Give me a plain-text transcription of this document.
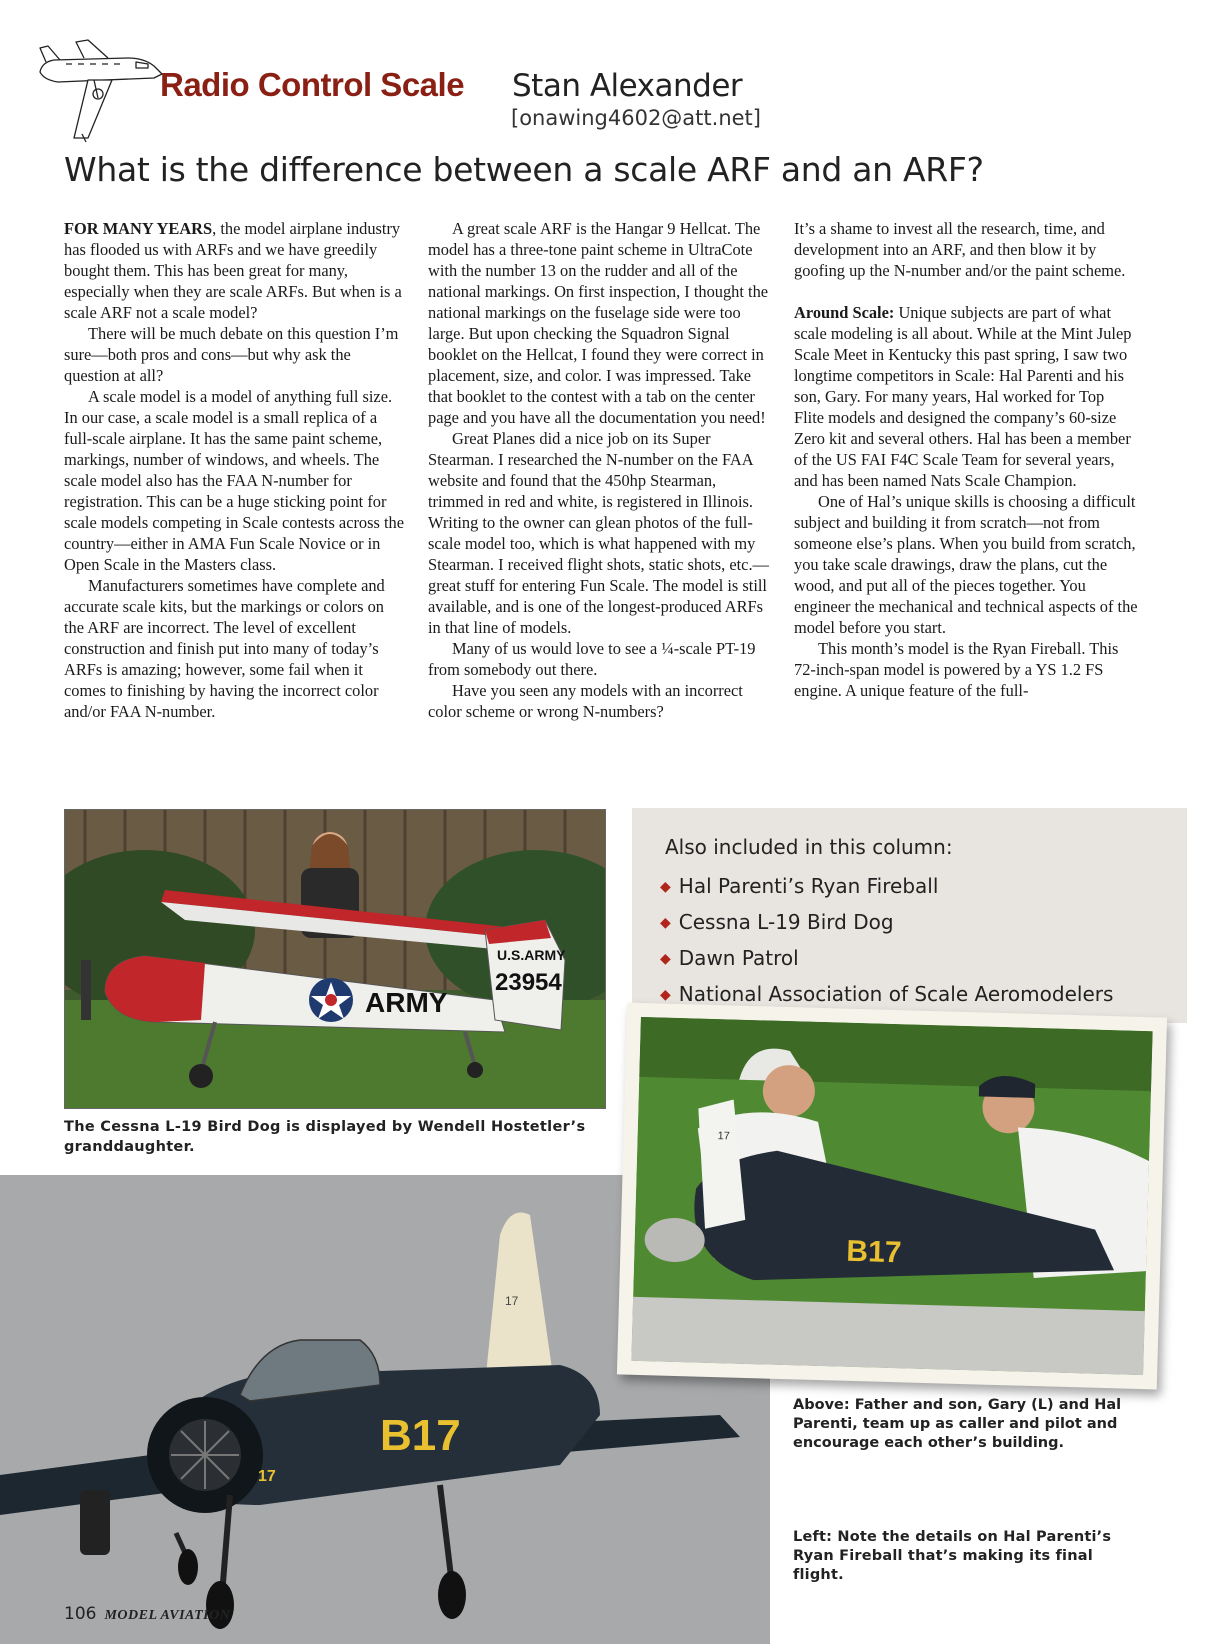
Radio Control Scale Stan Alexander
[onawing4602@att.net]
What is the difference between a scale ARF and an ARF?

FOR MANY YEARS, the model airplane industry has flooded us with ARFs and we have greedily bought them. This has been great for many, especially when they are scale ARFs. But when is a scale ARF not a scale model?

There will be much debate on this question I’m sure—both pros and cons—but why ask the question at all?

A scale model is a model of anything full size. In our case, a scale model is a small replica of a full-scale airplane. It has the same paint scheme, markings, number of windows, and wheels. The scale model also has the FAA N-number for registration. This can be a huge sticking point for scale models competing in Scale contests across the country—either in AMA Fun Scale Novice or in Open Scale in the Masters class.

Manufacturers sometimes have complete and accurate scale kits, but the markings or colors on the ARF are incorrect. The level of excellent construction and finish put into many of today’s ARFs is amazing; however, some fail when it comes to finishing by having the incorrect color and/or FAA N-number.

A great scale ARF is the Hangar 9 Hellcat. The model has a three-tone paint scheme in UltraCote with the number 13 on the rudder and all of the national markings. On first inspection, I thought the national markings on the fuselage side were too large. But upon checking the Squadron Signal booklet on the Hellcat, I found they were correct in placement, size, and color. I was impressed. Take that booklet to the contest with a tab on the center page and you have all the documentation you need!

Great Planes did a nice job on its Super Stearman. I researched the N-number on the FAA website and found that the 450hp Stearman, trimmed in red and white, is registered in Illinois. Writing to the owner can glean photos of the full-scale model too, which is what happened with my Stearman. I received flight shots, static shots, etc.—great stuff for entering Fun Scale. The model is still available, and is one of the longest-produced ARFs in that line of models.

Many of us would love to see a ¼-scale PT-19 from somebody out there.

Have you seen any models with an incorrect color scheme or wrong N-numbers?

It’s a shame to invest all the research, time, and development into an ARF, and then blow it by goofing up the N-number and/or the paint scheme.

Around Scale: Unique subjects are part of what scale modeling is all about. While at the Mint Julep Scale Meet in Kentucky this past spring, I saw two longtime competitors in Scale: Hal Parenti and his son, Gary. For many years, Hal worked for Top Flite models and designed the company’s 60-size Zero kit and several others. Hal has been a member of the US FAI F4C Scale Team for several years, and has been named Nats Scale Champion.

One of Hal’s unique skills is choosing a difficult subject and building it from scratch—not from someone else’s plans. When you build from scratch, you take scale drawings, draw the plans, cut the wood, and put all of the pieces together. You engineer the mechanical and technical aspects of the model before you start.

This month’s model is the Ryan Fireball. This 72-inch-span model is powered by a YS 1.2 FS engine. A unique feature of the full-

ARMY
U.S.ARMY
23954
The Cessna L-19 Bird Dog is displayed by Wendell Hostetler’s granddaughter.
Also included in this column:
◆ Hal Parenti’s Ryan Fireball
◆ Cessna L-19 Bird Dog
◆ Dawn Patrol
◆ National Association of Scale Aeromodelers
17
B17
17
B17
17
Above: Father and son, Gary (L) and Hal Parenti, team up as caller and pilot and encourage each other’s building.
Left: Note the details on Hal Parenti’s Ryan Fireball that’s making its final flight.
106 MODEL AVIATION
